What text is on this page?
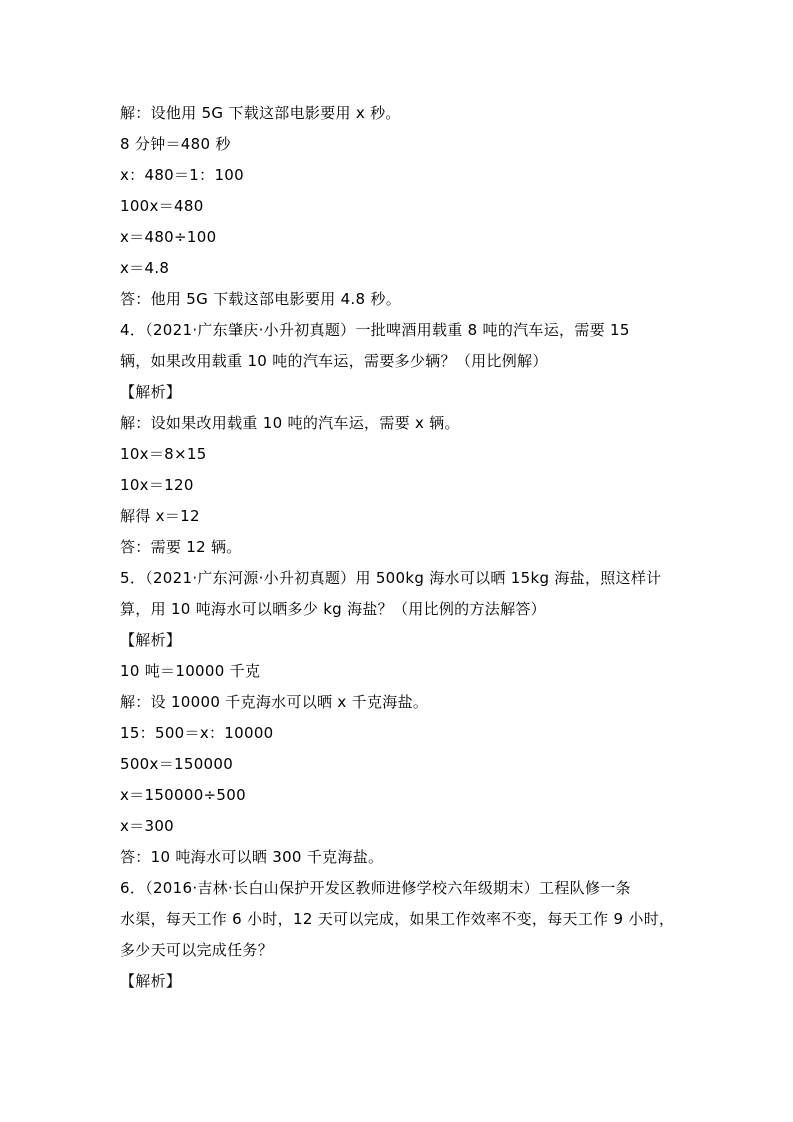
解：设他用 5G 下载这部电影要用 x 秒。
8 分钟＝480 秒
x：480＝1：100
100x＝480
x＝480÷100
x＝4.8
答：他用 5G 下载这部电影要用 4.8 秒。
4．（2021·广东肇庆·小升初真题）一批啤酒用载重 8 吨的汽车运，需要 15
辆，如果改用载重 10 吨的汽车运，需要多少辆？（用比例解）
【解析】
解：设如果改用载重 10 吨的汽车运，需要 x 辆。
10x＝8×15
10x＝120
解得 x＝12
答：需要 12 辆。
5．（2021·广东河源·小升初真题）用 500kg 海水可以晒 15kg 海盐，照这样计
算，用 10 吨海水可以晒多少 kg 海盐？（用比例的方法解答）
【解析】
10 吨＝10000 千克
解：设 10000 千克海水可以晒 x 千克海盐。
15：500＝x：10000
500x＝150000
x＝150000÷500
x＝300
答：10 吨海水可以晒 300 千克海盐。
6．（2016·吉林·长白山保护开发区教师进修学校六年级期末）工程队修一条
水渠，每天工作 6 小时，12 天可以完成，如果工作效率不变，每天工作 9 小时，
多少天可以完成任务？
【解析】
